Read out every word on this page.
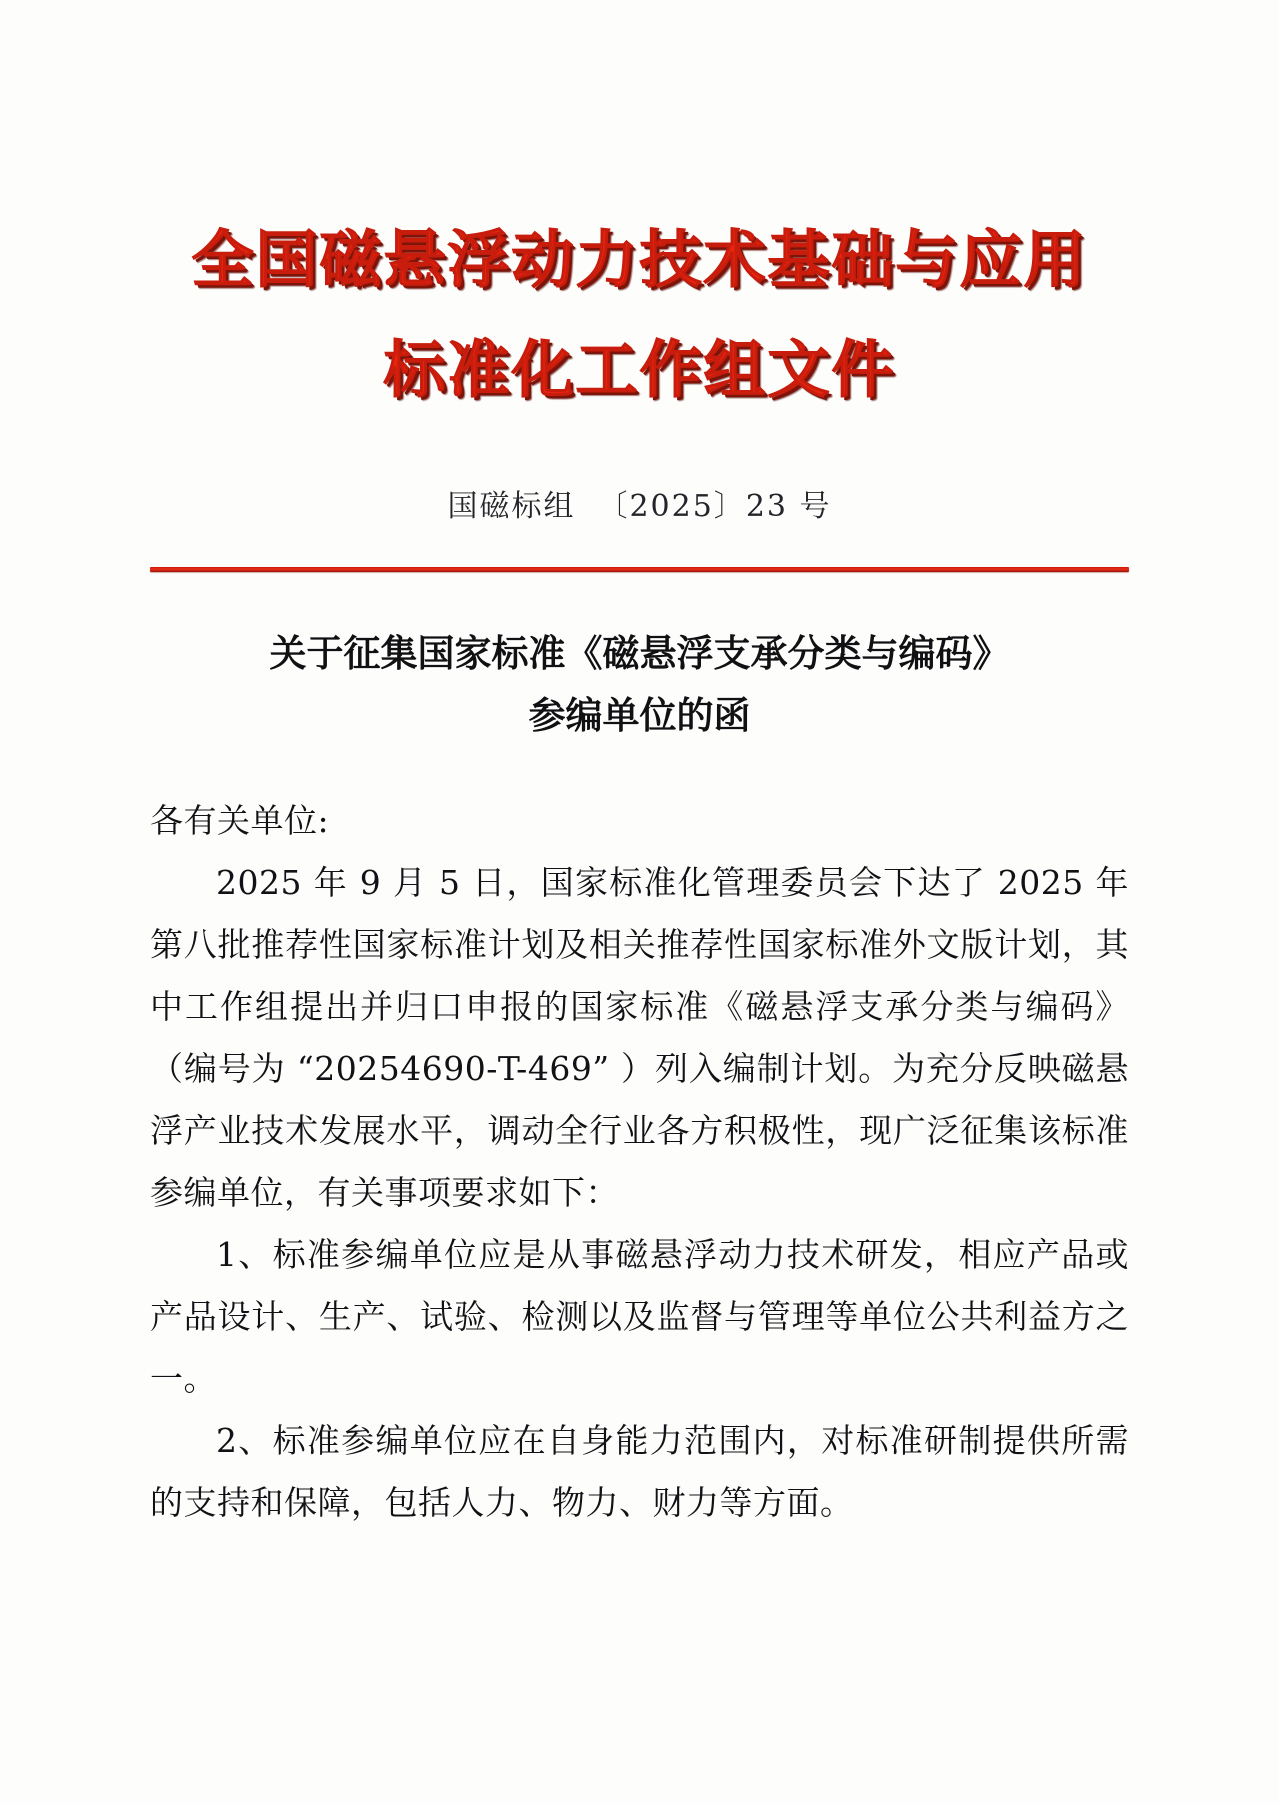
全国磁悬浮动力技术基础与应用
标准化工作组文件
国磁标组 〔2025〕23 号
关于征集国家标准《磁悬浮支承分类与编码》
参编单位的函

各有关单位:

2025 年 9 月 5 日，国家标准化管理委员会下达了 2025 年第八批推荐性国家标准计划及相关推荐性国家标准外文版计划，其中工作组提出并归口申报的国家标准《磁悬浮支承分类与编码》（编号为 “20254690-T-469” ）列入编制计划。为充分反映磁悬浮产业技术发展水平，调动全行业各方积极性，现广泛征集该标准参编单位，有关事项要求如下：

1、标准参编单位应是从事磁悬浮动力技术研发，相应产品或产品设计、生产、试验、检测以及监督与管理等单位公共利益方之一。

2、标准参编单位应在自身能力范围内，对标准研制提供所需的支持和保障，包括人力、物力、财力等方面。
